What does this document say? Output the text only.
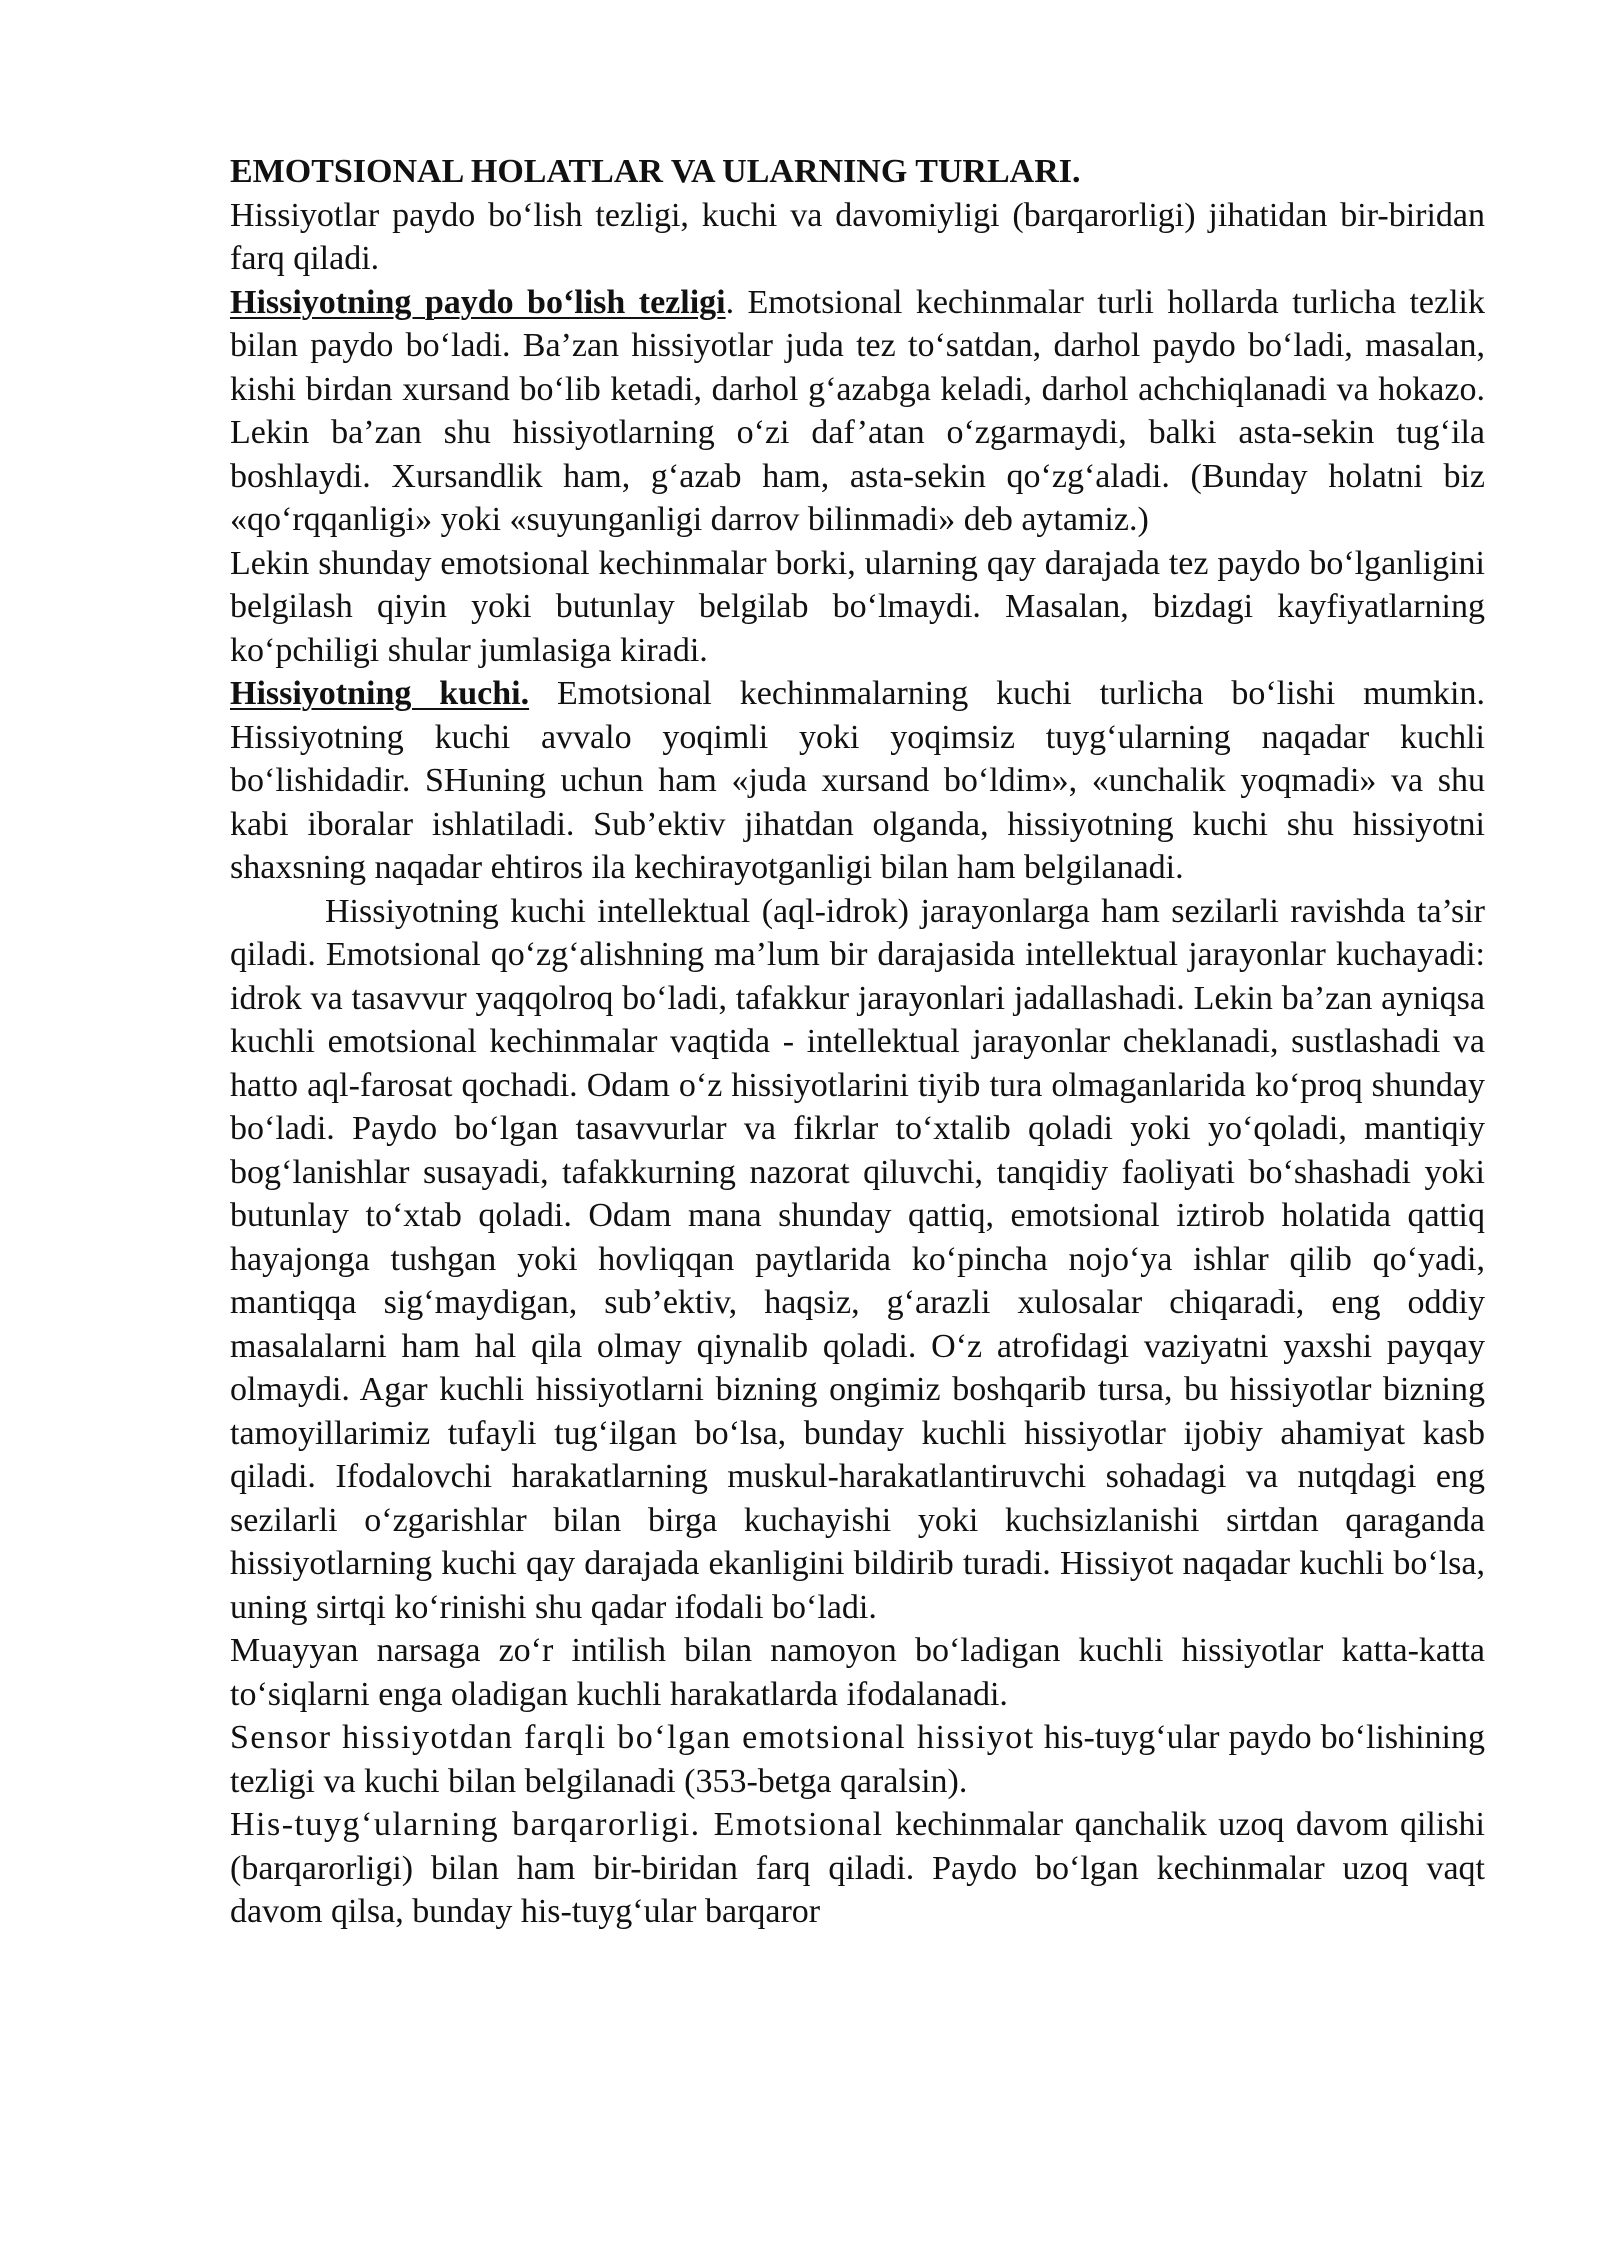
EMOTSIONAL HOLATLAR VA ULARNING TURLARI.

Hissiyotlar paydo bo‘lish tezligi, kuchi va davomiyligi (barqarorligi) jihatidan bir-biridan farq qiladi.

Hissiyotning paydo bo‘lish tezligi. Emotsional kechinmalar turli hollarda turlicha tezlik bilan paydo bo‘ladi. Ba’zan hissiyotlar juda tez to‘satdan, darhol paydo bo‘ladi, masalan, kishi birdan xursand bo‘lib ketadi, darhol g‘azabga keladi, darhol achchiqlanadi va hokazo. Lekin ba’zan shu hissiyotlarning o‘zi daf’atan o‘zgarmaydi, balki asta-sekin tug‘ila boshlaydi. Xursandlik ham, g‘azab ham, asta-sekin qo‘zg‘aladi. (Bunday holatni biz «qo‘rqqanligi» yoki «suyunganligi darrov bilinmadi» deb aytamiz.)

Lekin shunday emotsional kechinmalar borki, ularning qay darajada tez paydo bo‘lganligini belgilash qiyin yoki butunlay belgilab bo‘lmaydi. Masalan, bizdagi kayfiyatlarning ko‘pchiligi shular jumlasiga kiradi.

Hissiyotning kuchi. Emotsional kechinmalarning kuchi turlicha bo‘lishi mumkin. Hissiyotning kuchi avvalo yoqimli yoki yoqimsiz tuyg‘ularning naqadar kuchli bo‘lishidadir. SHuning uchun ham «juda xursand bo‘ldim», «unchalik yoqmadi» va shu kabi iboralar ishlatiladi. Sub’ektiv jihatdan olganda, hissiyotning kuchi shu hissiyotni shaxsning naqadar ehtiros ila kechirayotganligi bilan ham belgilanadi.

Hissiyotning kuchi intellektual (aql-idrok) jarayonlarga ham sezilarli ravishda ta’sir qiladi. Emotsional qo‘zg‘alishning ma’lum bir darajasida intellektual jarayonlar kuchayadi: idrok va tasavvur yaqqolroq bo‘ladi, tafakkur jarayonlari jadallashadi. Lekin ba’zan ayniqsa kuchli emotsional kechinmalar vaqtida - intellektual jarayonlar cheklanadi, sustlashadi va hatto aql-farosat qochadi. Odam o‘z hissiyotlarini tiyib tura olmaganlarida ko‘proq shunday bo‘ladi. Paydo bo‘lgan tasavvurlar va fikrlar to‘xtalib qoladi yoki yo‘qoladi, mantiqiy bog‘lanishlar susayadi, tafakkurning nazorat qiluvchi, tanqidiy faoliyati bo‘shashadi yoki butunlay to‘xtab qoladi. Odam mana shunday qattiq, emotsional iztirob holatida qattiq hayajonga tushgan yoki hovliqqan paytlarida ko‘pincha nojo‘ya ishlar qilib qo‘yadi, mantiqqa sig‘maydigan, sub’ektiv, haqsiz, g‘arazli xulosalar chiqaradi, eng oddiy masalalarni ham hal qila olmay qiynalib qoladi. O‘z atrofidagi vaziyatni yaxshi payqay olmaydi. Agar kuchli hissiyotlarni bizning ongimiz boshqarib tursa, bu hissiyotlar bizning tamoyillarimiz tufayli tug‘ilgan bo‘lsa, bunday kuchli hissiyotlar ijobiy ahamiyat kasb qiladi. Ifodalovchi harakatlarning muskul-harakatlantiruvchi sohadagi va nutqdagi eng sezilarli o‘zgarishlar bilan birga kuchayishi yoki kuchsizlanishi sirtdan qaraganda hissiyotlarning kuchi qay darajada ekanligini bildirib turadi. Hissiyot naqadar kuchli bo‘lsa, uning sirtqi ko‘rinishi shu qadar ifodali bo‘ladi.

Muayyan narsaga zo‘r intilish bilan namoyon bo‘ladigan kuchli hissiyotlar katta-katta to‘siqlarni enga oladigan kuchli harakatlarda ifodalanadi.

Sensor hissiyotdan farqli bo‘lgan emotsional hissiyot his-tuyg‘ular paydo bo‘lishining tezligi va kuchi bilan belgilanadi (353-betga qaralsin).

His-tuyg‘ularning barqarorligi. Emotsional kechinmalar qanchalik uzoq davom qilishi (barqarorligi) bilan ham bir-biridan farq qiladi. Paydo bo‘lgan kechinmalar uzoq vaqt davom qilsa, bunday his-tuyg‘ular barqaror
